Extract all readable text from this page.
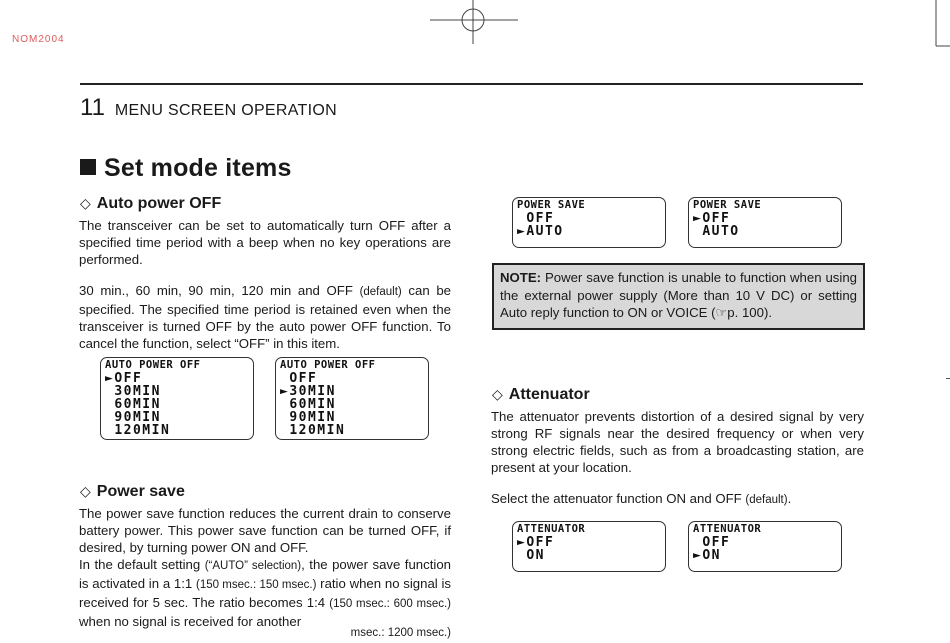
NOM2004
11 MENU SCREEN OPERATION
Set mode items
◇ Auto power OFF
The transceiver can be set to automatically turn OFF after a specified time period with a beep when no key operations are performed.
30 min., 60 min, 90 min, 120 min and OFF (default) can be specified. The specified time period is retained even when the transceiver is turned OFF by the auto power OFF function. To cancel the function, select “OFF” in this item.
AUTO POWER OFF
►OFF
30MIN
60MIN
90MIN
120MIN
AUTO POWER OFF
OFF
►30MIN
60MIN
90MIN
120MIN
◇ Power save
The power save function reduces the current drain to conserve battery power. This power save function can be turned OFF, if desired, by turning power ON and OFF.
In the default setting (“AUTO” selection), the power save function is activated in a 1:1 (150 msec.: 150 msec.) ratio when no signal is received for 5 sec. The ratio becomes 1:4 (150 msec.: 600 msec.) when no signal is received for another
msec.: 1200 msec.)
POWER SAVE
OFF
►AUTO
POWER SAVE
►OFF
AUTO
NOTE: Power save function is unable to function when using the external power supply (More than 10 V DC) or setting Auto reply function to ON or VOICE (☞p. 100).
◇ Attenuator
The attenuator prevents distortion of a desired signal by very strong RF signals near the desired frequency or when very strong electric fields, such as from a broadcasting station, are present at your location.
Select the attenuator function ON and OFF (default).
ATTENUATOR
►OFF
ON
ATTENUATOR
OFF
►ON
